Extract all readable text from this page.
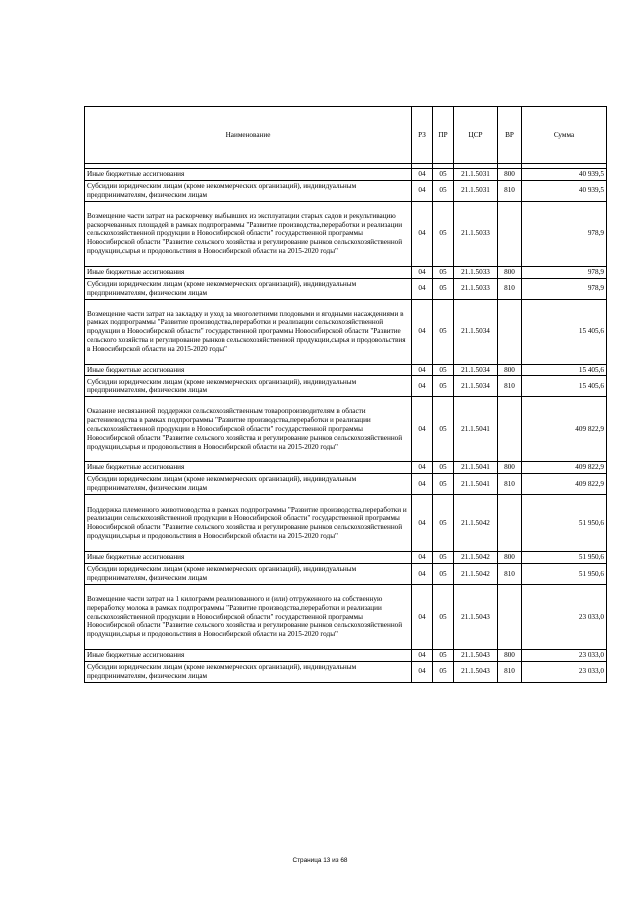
Наименование	РЗ	ПР	ЦСР	ВР	Сумма

Иные бюджетные ассигнования	04	05	21.1.5031	800	40 939,5
Субсидии юридическим лицам (кроме некоммерческих организаций), индивидуальным предпринимателям, физическим лицам	04	05	21.1.5031	810	40 939,5
Возмещение части затрат на раскорчевку выбывших из эксплуатации старых садов и рекультивацию раскорчеванных площадей в рамках подпрограммы "Развитие производства,переработки и реализации сельскохозяйственной продукции в Новосибирской области" государственной программы Новосибирской области "Развитие сельского хозяйства и регулирование рынков сельскохозяйственной продукции,сырья и продовольствия в Новосибирской области на 2015-2020 годы"	04	05	21.1.5033		978,9
Иные бюджетные ассигнования	04	05	21.1.5033	800	978,9
Субсидии юридическим лицам (кроме некоммерческих организаций), индивидуальным предпринимателям, физическим лицам	04	05	21.1.5033	810	978,9
Возмещение части затрат на закладку и уход за многолетними плодовыми и ягодными насаждениями в рамках подпрограммы "Развитие производства,переработки и реализации сельскохозяйственной продукции в Новосибирской области" государственной программы Новосибирской области "Развитие сельского хозяйства и регулирование рынков сельскохозяйственной продукции,сырья и продовольствия в Новосибирской области на 2015-2020 годы"	04	05	21.1.5034		15 405,6
Иные бюджетные ассигнования	04	05	21.1.5034	800	15 405,6
Субсидии юридическим лицам (кроме некоммерческих организаций), индивидуальным предпринимателям, физическим лицам	04	05	21.1.5034	810	15 405,6
Оказание несвязанной поддержки сельскохозяйственным товаропроизводителям в области растениеводства в рамках подпрограммы "Развитие производства,переработки и реализации сельскохозяйственной продукции в Новосибирской области" государственной программы Новосибирской области "Развитие сельского хозяйства и регулирование рынков сельскохозяйственной продукции,сырья и продовольствия в Новосибирской области на 2015-2020 годы"	04	05	21.1.5041		409 822,9
Иные бюджетные ассигнования	04	05	21.1.5041	800	409 822,9
Субсидии юридическим лицам (кроме некоммерческих организаций), индивидуальным предпринимателям, физическим лицам	04	05	21.1.5041	810	409 822,9
Поддержка племенного животноводства в рамках подпрограммы "Развитие производства,переработки и реализации сельскохозяйственной продукции в Новосибирской области" государственной программы Новосибирской области "Развитие сельского хозяйства и регулирование рынков сельскохозяйственной продукции,сырья и продовольствия в Новосибирской области на 2015-2020 годы"	04	05	21.1.5042		51 950,6
Иные бюджетные ассигнования	04	05	21.1.5042	800	51 950,6
Субсидии юридическим лицам (кроме некоммерческих организаций), индивидуальным предпринимателям, физическим лицам	04	05	21.1.5042	810	51 950,6
Возмещение части затрат на 1 килограмм реализованного и (или) отгруженного на собственную переработку молока в рамках подпрограммы "Развитие производства,переработки и реализации сельскохозяйственной продукции в Новосибирской области" государственной программы Новосибирской области "Развитие сельского хозяйства и регулирование рынков сельскохозяйственной продукции,сырья и продовольствия в Новосибирской области на 2015-2020 годы"	04	05	21.1.5043		23 033,0
Иные бюджетные ассигнования	04	05	21.1.5043	800	23 033,0
Субсидии юридическим лицам (кроме некоммерческих организаций), индивидуальным предпринимателям, физическим лицам	04	05	21.1.5043	810	23 033,0
Страница 13 из 68
